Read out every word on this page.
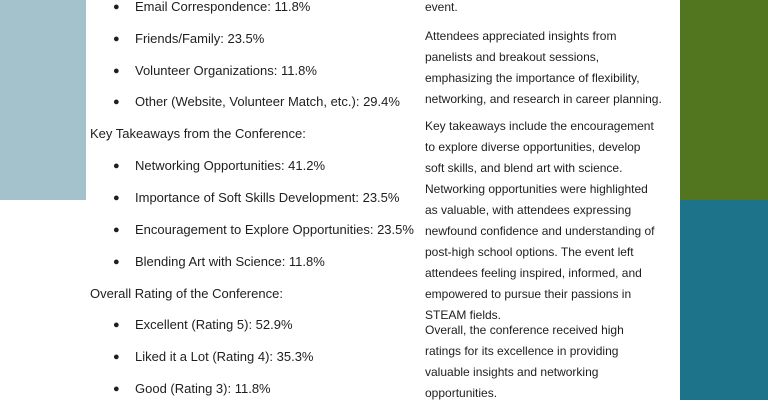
● Email Correspondence: 11.8%
● Friends/Family: 23.5%
● Volunteer Organizations: 11.8%
● Other (Website, Volunteer Match, etc.): 29.4%
Key Takeaways from the Conference:
● Networking Opportunities: 41.2%
● Importance of Soft Skills Development: 23.5%
● Encouragement to Explore Opportunities: 23.5%
● Blending Art with Science: 11.8%
Overall Rating of the Conference:
● Excellent (Rating 5): 52.9%
● Liked it a Lot (Rating 4): 35.3%
● Good (Rating 3): 11.8%
event.
Attendees appreciated insights from
panelists and breakout sessions,
emphasizing the importance of flexibility,
networking, and research in career planning.
Key takeaways include the encouragement
to explore diverse opportunities, develop
soft skills, and blend art with science.
Networking opportunities were highlighted
as valuable, with attendees expressing
newfound confidence and understanding of
post-high school options. The event left
attendees feeling inspired, informed, and
empowered to pursue their passions in
STEAM fields.
Overall, the conference received high
ratings for its excellence in providing
valuable insights and networking
opportunities.
